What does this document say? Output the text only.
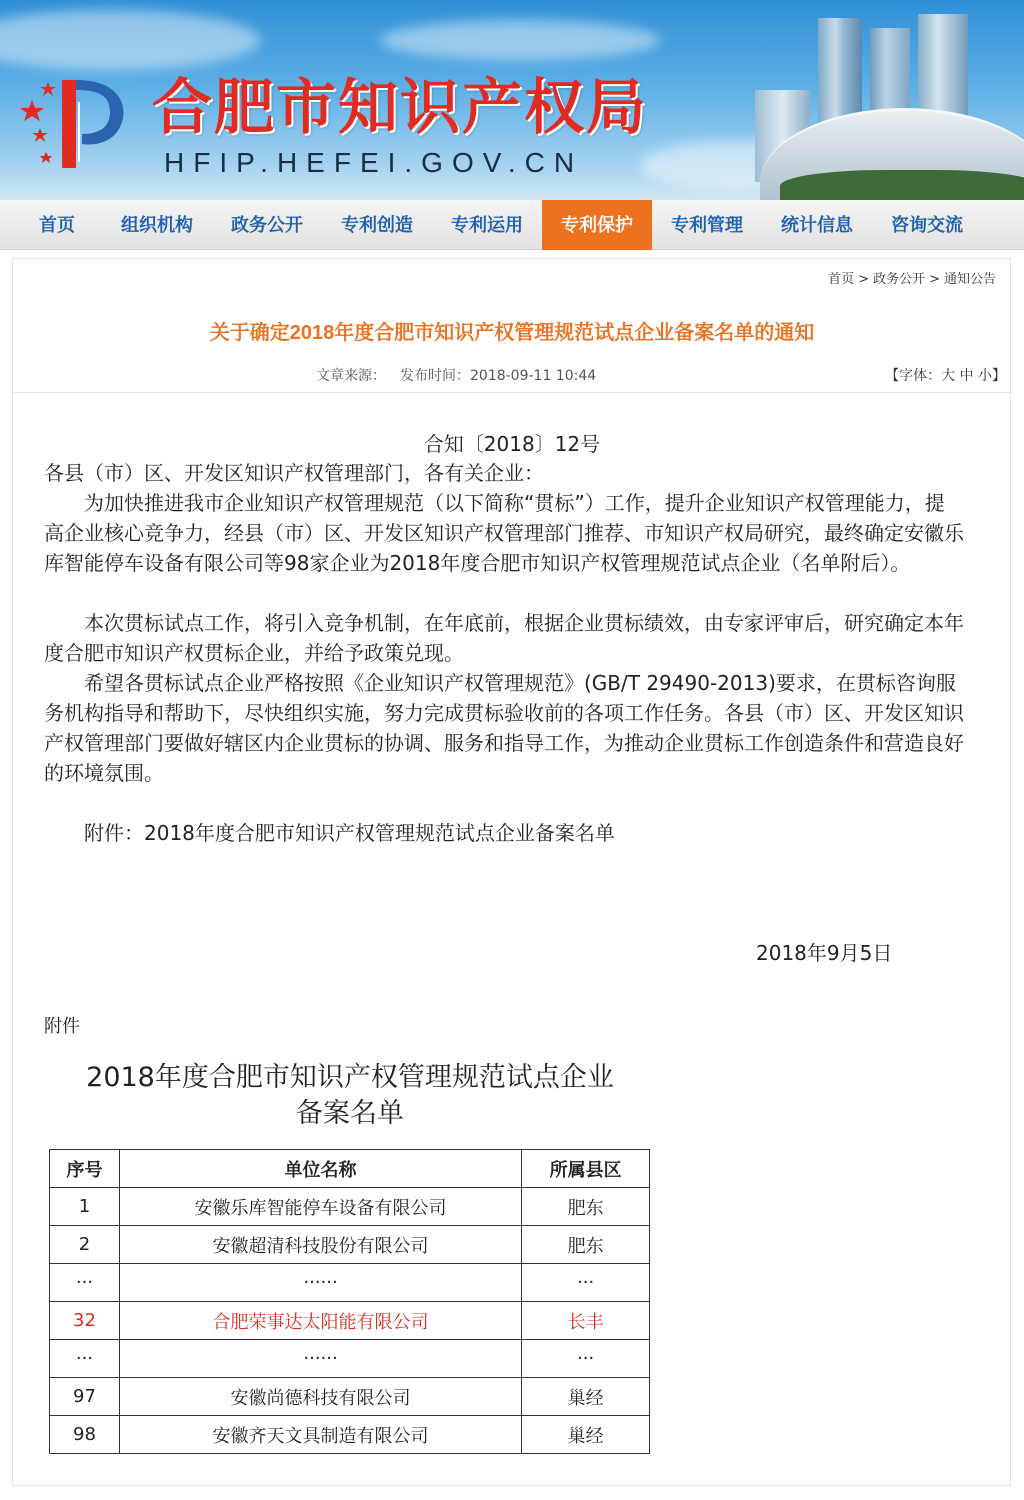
合肥市知识产权局
HFIP.HEFEI.GOV.CN
首页	组织机构	政务公开	专利创造	专利运用	专利保护	专利管理	统计信息	咨询交流
首页 > 政务公开 > 通知公告
关于确定2018年度合肥市知识产权管理规范试点企业备案名单的通知
文章来源： 发布时间：2018-09-11 10:44	【字体：大 中 小】
合知〔2018〕12号
各县（市）区、开发区知识产权管理部门，各有关企业：
为加快推进我市企业知识产权管理规范（以下简称“贯标”）工作，提升企业知识产权管理能力，提高企业核心竞争力，经县（市）区、开发区知识产权管理部门推荐、市知识产权局研究，最终确定安徽乐库智能停车设备有限公司等98家企业为2018年度合肥市知识产权管理规范试点企业（名单附后）。
本次贯标试点工作，将引入竞争机制，在年底前，根据企业贯标绩效，由专家评审后，研究确定本年度合肥市知识产权贯标企业，并给予政策兑现。
希望各贯标试点企业严格按照《企业知识产权管理规范》(GB/T 29490-2013)要求，在贯标咨询服务机构指导和帮助下，尽快组织实施，努力完成贯标验收前的各项工作任务。各县（市）区、开发区知识产权管理部门要做好辖区内企业贯标的协调、服务和指导工作，为推动企业贯标工作创造条件和营造良好的环境氛围。
附件：2018年度合肥市知识产权管理规范试点企业备案名单
2018年9月5日
附件
2018年度合肥市知识产权管理规范试点企业
备案名单
序号	单位名称	所属县区
1	安徽乐库智能停车设备有限公司	肥东
2	安徽超清科技股份有限公司	肥东
···	······	···
32	合肥荣事达太阳能有限公司	长丰
···	······	···
97	安徽尚德科技有限公司	巢经
98	安徽齐天文具制造有限公司	巢经
